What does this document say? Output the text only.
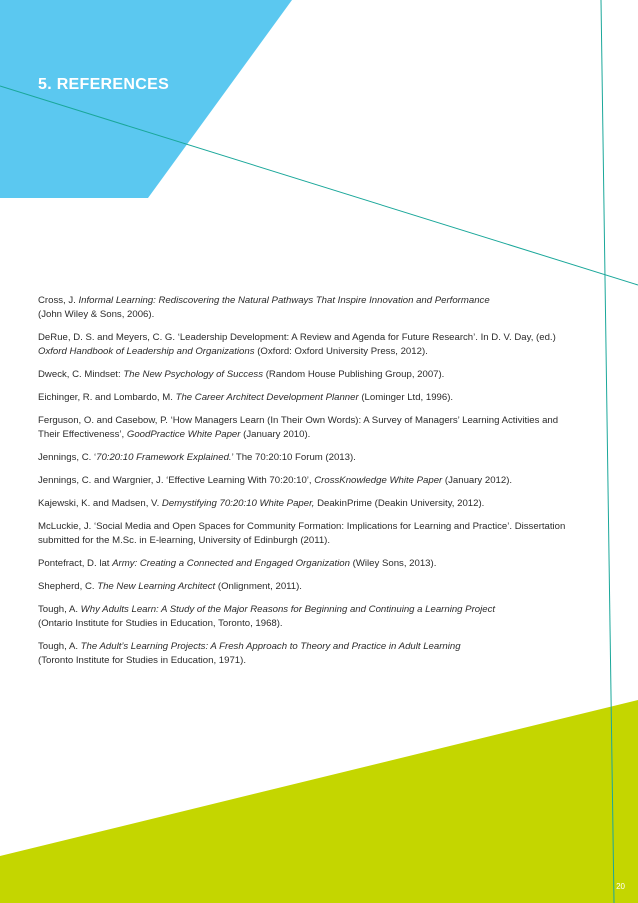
5. REFERENCES

Cross, J. Informal Learning: Rediscovering the Natural Pathways That Inspire Innovation and Performance
(John Wiley & Sons, 2006).

DeRue, D. S. and Meyers, C. G. ‘Leadership Development: A Review and Agenda for Future Research’. In D. V. Day, (ed.)
Oxford Handbook of Leadership and Organizations (Oxford: Oxford University Press, 2012).

Dweck, C. Mindset: The New Psychology of Success (Random House Publishing Group, 2007).

Eichinger, R. and Lombardo, M. The Career Architect Development Planner (Lominger Ltd, 1996).

Ferguson, O. and Casebow, P. ‘How Managers Learn (In Their Own Words): A Survey of Managers’ Learning Activities and
Their Effectiveness’, GoodPractice White Paper (January 2010).

Jennings, C. ‘70:20:10 Framework Explained.’ The 70:20:10 Forum (2013).

Jennings, C. and Wargnier, J. ‘Effective Learning With 70:20:10’, CrossKnowledge White Paper (January 2012).

Kajewski, K. and Madsen, V. Demystifying 70:20:10 White Paper, DeakinPrime (Deakin University, 2012).

McLuckie, J. ‘Social Media and Open Spaces for Community Formation: Implications for Learning and Practice’. Dissertation
submitted for the M.Sc. in E-learning, University of Edinburgh (2011).

Pontefract, D. lat Army: Creating a Connected and Engaged Organization (Wiley Sons, 2013).

Shepherd, C. The New Learning Architect (Onlignment, 2011).

Tough, A. Why Adults Learn: A Study of the Major Reasons for Beginning and Continuing a Learning Project
(Ontario Institute for Studies in Education, Toronto, 1968).

Tough, A. The Adult’s Learning Projects: A Fresh Approach to Theory and Practice in Adult Learning
(Toronto Institute for Studies in Education, 1971).

20
